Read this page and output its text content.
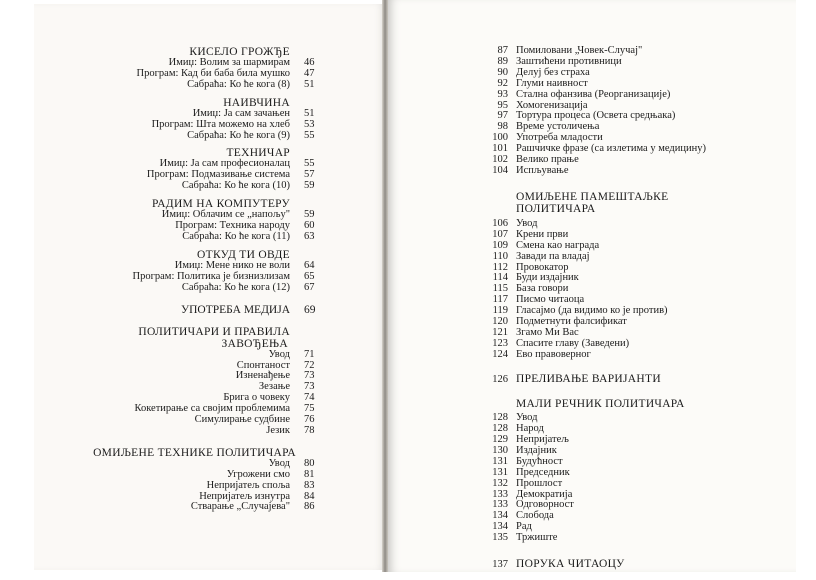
КИСЕЛО ГРОЖЂЕ
Имиџ: Волим за шармирам	46
Програм: Кад би баба била мушко	47
Сабраћа: Ко ће кога (8)	51
НАИВЧИНА
Имиџ: Ја сам зачањен	51
Програм: Шта можемо на хлеб	53
Сабраћа: Ко ће кога (9)	55
ТЕХНИЧАР
Имиџ: Ја сам професионалац	55
Програм: Подмазивање система	57
Сабраћа: Ко ће кога (10)	59
РАДИМ НА КОМПУТЕРУ
Имиџ: Облачим се „напољу"	59
Програм: Техника народу	60
Сабраћа: Ко ће кога (11)	63
ОТКУД ТИ ОВДЕ
Имиџ: Мене нико не воли	64
Програм: Политика је бизнизлизам	65
Сабраћа: Ко ће кога (12)	67
УПОТРЕБА МЕДИЈА	69
ПОЛИТИЧАРИ И ПРАВИЛА
ЗАВОЂЕЊА
Увод	71
Спонтаност	72
Изненађење	73
Зезање	73
Брига о човеку	74
Кокетирање са својим проблемима	75
Симулирање судбине	76
Језик	78
ОМИЉЕНЕ ТЕХНИКЕ ПОЛИТИЧАРА
Увод	80
Угрожени смо	81
Непријатељ споља	83
Непријатељ изнутра	84
Стварање „Случајева"	86
87 Помиловани „Човек-Случај"
89 Заштићени противници
90 Делуј без страха
92 Глуми наивност
93 Стална офанзива (Реорганизације)
95 Хомогенизација
97 Тортура процеса (Освета средњака)
98 Време устоличења
100 Употреба младости
101 Рашчичке фразе (са излетима у медицину)
102 Велико прање
104 Испљување
ОМИЉЕНЕ ПАМЕШТАЉКЕ
ПОЛИТИЧАРА
106 Увод
107 Крени први
109 Смена као награда
110 Завади па владај
112 Провокатор
114 Буди издајник
115 База говори
117 Писмо читаоца
119 Гласајмо (да видимо ко је против)
120 Подметнути фалсификат
121 Згамо Ми Вас
123 Спасите главу (Заведени)
124 Ево правоверног
126 ПРЕЛИВАЊЕ ВАРИЈАНТИ
МАЛИ РЕЧНИК ПОЛИТИЧАРА
128 Увод
128 Народ
129 Непријатељ
130 Издајник
131 Будућност
131 Председник
132 Прошлост
133 Демократија
133 Одговорност
134 Слобода
134 Рад
135 Тржиште
137 ПОРУКА ЧИТАОЦУ
